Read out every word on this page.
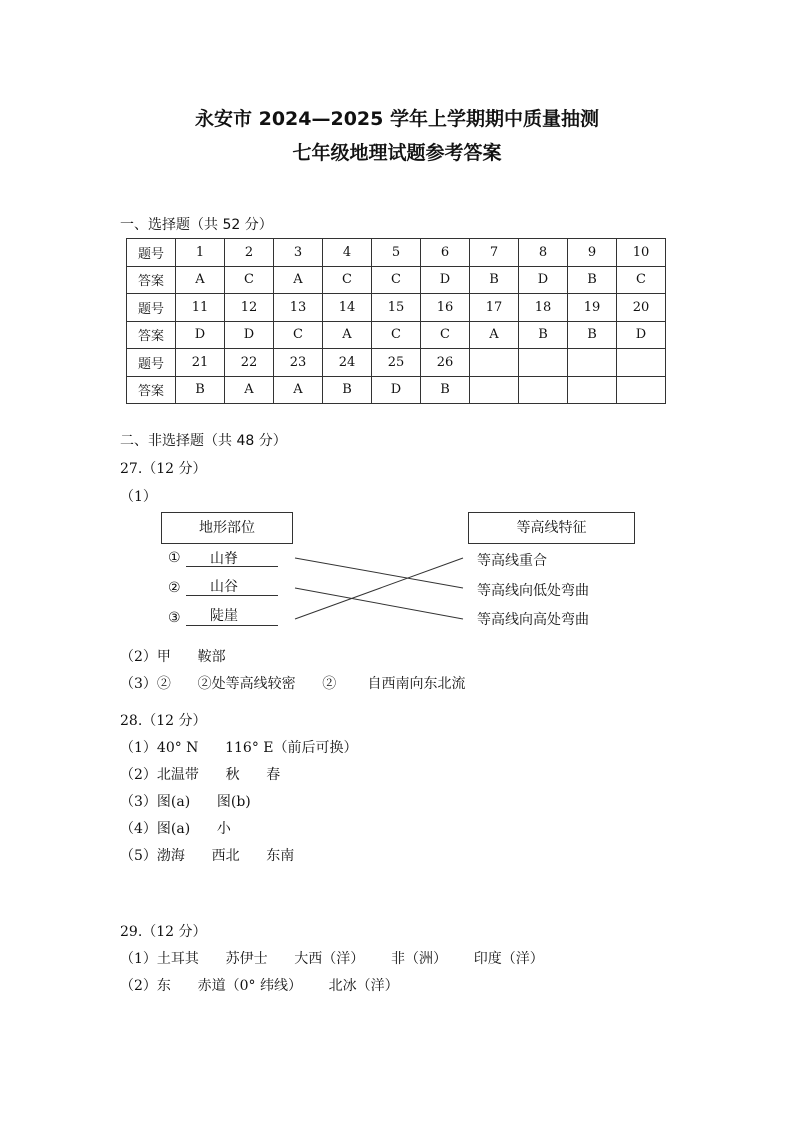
永安市 2024—2025 学年上学期期中质量抽测
七年级地理试题参考答案
一、选择题（共 52 分）
题号	1	2	3	4	5	6	7	8	9	10
答案	A	C	A	C	C	D	B	D	B	C
题号	11	12	13	14	15	16	17	18	19	20
答案	D	D	C	A	C	C	A	B	B	D
题号	21	22	23	24	25	26				
答案	B	A	A	B	D	B				
二、非选择题（共 48 分）
27.（12 分）
（1）
地形部位	等高线特征
① 山脊
② 山谷
③ 陡崖
等高线重合
等高线向低处弯曲
等高线向高处弯曲
（2）甲      鞍部
（3）②      ②处等高线较密      ②       自西南向东北流
28.（12 分）
（1）40° N      116° E（前后可换）
（2）北温带      秋      春
（3）图(a)      图(b)
（4）图(a)      小
（5）渤海      西北      东南
29.（12 分）
（1）土耳其      苏伊士      大西（洋）      非（洲）      印度（洋）
（2）东      赤道（0° 纬线）      北冰（洋）
